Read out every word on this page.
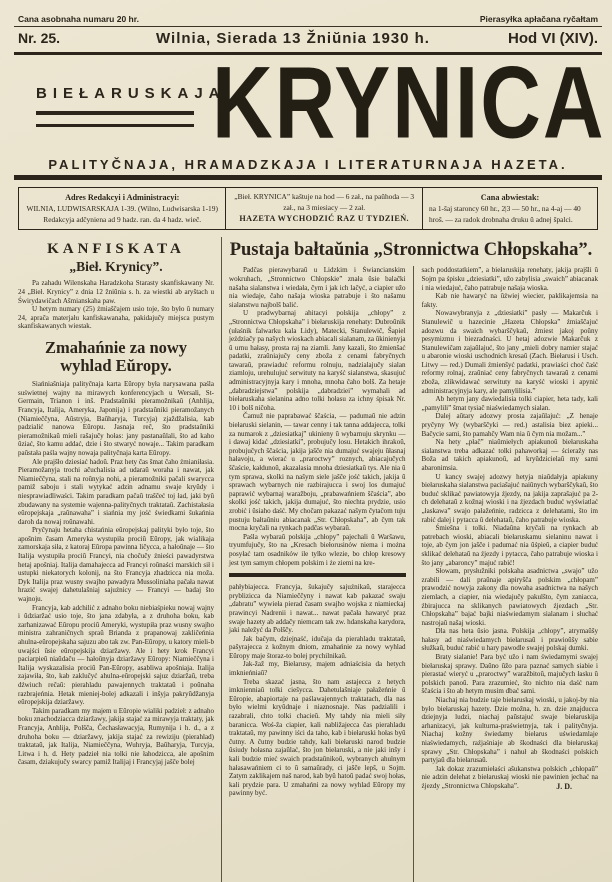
Cana asobnaha numaru 20 hr.	Pierasyłka apłačana ryčałtam
Nr. 25.	Wilnia, Sierada 13 Žniŭnia 1930 h.	Hod VI (XIV).
BIEŁARUSKAJA
KRYNICA
PALITYČNAJA, HRAMADZKAJA I LITERATURNAJA HAZETA.
Adres Redakcyi i Administracyi:
WILNIA, LUDWISARSKAJA 1-39. (Wilno, Ludwisarska 1-19)
Redakcyja adčyniena ad 9 hadz. ran. da 4 hadz. wieč.
„Bieł. KRYNICA” kaštuje na hod — 6 zał., na paŭhoda — 3 zał., na 3 miesiacy — 2 zał.
HAZETA WYCHODZIĆ RAZ U TYDZIEŃ.
Cana abwiestak:
na 1-šaj staroncy 60 hr., 2|3 — 50 hr., na 4-aj — 40 hroš. — za radok drobnaha druku ŭ adnej špalci.
KANFISKATA
„Bieł. Krynicy”.

Pa zahadu Wilenskaha Haradzkoha Starasty skanfiskawany Nr. 24 „Bieł. Krynicy” z dnia 12 žniŭnia s. h. za wiestki ab aryštach u Świrydawičach Ašmianskaha paw.

U hetym numary (25) źmiaščajem usio toje, što było ŭ numary 24, aprača materjału kanfiskawanaha, pakidajučy miejsca pustym skanfiskawanych wiestak.

Zmahańnie za nowy wyhlad Eŭropy.

Siańniašniaja palityčnaja karta Eŭropy była narysawana paśla suświetnej wajny na mirawych konferencyjach u Wersali, St-Germain, Trianon i inš. Pradstaŭniki pieramožnikaŭ (Anhlija, Francyja, Italija, Ameryka, Japonija) i pradstaŭniki pieramožanych (Niamieččyna, Aŭstryja, Baŭharyja, Turcyja) zjaždžalisia, kab padzialić nanowa Eŭropu. Jasnaja reč, što pradstaŭniki pieramožnikaŭ mieli rašajučy hołas: jany pastanaŭlali, što ad kaho ŭziać, što kamu addać, dzie i što stwaryć nowaje... Takim paradkam paŭstała paśla wajny nowaja palityčnaja karta Eŭropy.

Ale prajšło dziesiać hadoŭ. Praz hety čas šmat čaho źmianiłasia. Pieramožanyja trochi ačuchalisia ad udaraŭ woraha i nawat, jak Niamieččyna, stali na roŭnyja nohi, a pieramožniki pačali swarycca pamiž saboju i stali wytykać adzin adnamu swaje kryŭdy i niesprawiadliwaści. Takim paradkam pačaŭ traščeć toj ład, jaki byŭ zbudawany na systemie wajenna-palityčnych traktataŭ. Zachistałasia eŭropejskaja „raŭnawaha” i siańnia my jość świedkami šukańnia daroh da nowaj roŭnawahi.

Pryčynaju hetaha chistańnia eŭropejskaj palityki było toje, što apošnim časam Ameryka wystupiła prociŭ Eŭropy, jak wialikaja zamorskaja siła, z katoraj Eŭropa pawinna ličycca, a hałoŭnaje — što Italija wystupiła prociŭ Francyi, nia chočučy źnieści pawadyrstwa hetaj apošniaj. Italija damahajecca ad Francyi roŭnaści marskich sił i ustupki niekatorych kolonij, na što Francyja zhadzicca nia moža. Dyk Italija praz wusny swajho pawadyra Mussoliniaha pačała nawat hrazić swajej dahetulašniaj sajuźnicy — Francyi — badaj što wajnoju.

Francyja, kab adchilić z adnaho boku niebiaśpieku nowaj wajny i ŭdziaržać usio toje, što jana zdabyła, a z druhoha boku, kab zarhanizawać Eŭropu prociŭ Ameryki, wystupiła praz wusny swajho ministra zahraničnych spraŭ Brianda z prapanowaj zakličeńnia ahulna-eŭropejskaha sajuzu abo tak zw. Pan-Eŭropy, u katory mieli-b uwajści ŭsie eŭropejskija dziaržawy. Ale i hety krok Francyi paciarpieŭ niaŭdaču — hałoŭnyja dziaržawy Eŭropy: Niamieččyna i Italija wyskazalisia prociŭ Pan-Eŭropy, asabliwa apošniaja. Italija zajawiła, što, kab zaklučyć ahulna-eŭropejski sajuz dziaržaŭ, treba dźwiuch rečaŭ: pierahladu pawajennych traktataŭ i poŭnaha razbrajeńnia. Hetak mieniej-bolej adkazali i inšyja pakryŭdžanyja eŭropejskija dziaržawy.

Takim paradkam my majem u Eŭropie wialiki padzieł: z adnaho boku znachodziacca dziaržawy, jakija stajać za mirawyja traktaty, jak Francyja, Anhlija, Polšča, Čechasławacyja, Rumynija i h. d., a z druhoha boku — dziaržawy, jakija stajać za rewiziju (pierahlad) traktataŭ, jak Italija, Niamieččyna, Wuhryja, Baŭharyja, Turcyja, Litwa i h. d. Hety padzieł nia tolki nie łahodzicca, ale apošnim časam, dziakujučy swarcy pamiž Italijaj i Francyjaj jašče bolej

Pustaja bałtaŭnia „Stronnictwa Chłopskaha”.

Padčas pierawybaraŭ u Lidzkim i Świancianskim wokruhach, „Stronnictwo Chłopskie” znała ŭsie balački našaha sialanstwa i wiedała, čym i jak ich lačyć, a ciapier užo nia wiedaje, čaho našaja wioska patrabuje i što našamu sialanstwu najbolš balić.

U pradwybarnaj ahitacyi polskija „chłopy” z „Stronnictwa Chłopskaha” i biełaruskija renehaty: Dubroŭnik (ułaśnik falwarku kala Lidy), Matecki, Stanulewič, Šapiel jeździačy pa našych wioskach abiacali sialanam, za ŭkinienyja ŭ urnu hałasy, prosta raj na ziamli. Jany kazali, što źmienšać padatki, zraŭniajučy ceny zboža z cenami fabryčnych tawaraŭ, prawiaduć reformu rolnuju, nadzialajučy sialan ziamloju, urehulujuć serwituty na karyść sialanstwa, skasujuć administracyjnyja kary i mnoha, mnoha čaho bolš. Za hetaje „dabradziejstwa” polskija „dabradziei” wymahali ad biełaruskaha sielanina adno tolki hołasu za ichny śpisak Nr. 10 i bolš ničoha.

Čamuž nie paprabawać ščaścia, — padumaŭ nie adzin biełaruski sielanin, — tawar cenny i tak tanna addajecca, tolki za numarok z „dziesiatkaj” ukinieny ŭ wybarnuju skrynku — i dawaj kidać „dziesiatki”, probujučy losu. Hetakich ihrakoŭ, probujučych ščaścia, jakija jašče nia dumajuć swajeju ŭłasnaj hałavoju, a wierać u „praroctwy” roznych, abiacajučych ščaście, kałdunoŭ, akazałasia mnoha dziesiatkaŭ tys. Ale nia ŭ tym sprawa, skolki na našym siele jašče jość takich, jakija ŭ sprawach wybarnych nie razbirajucca i swoj los dumajuć paprawić wybarnaj waražboju, „prabawańniem ščaścia”, abo skolki jość takich, jakija dumajuć, što niechta prydzie, usio zrobić i ŭsiaho daść. My chočam pakazać našym čytačom tuju pustuju bałtaŭniu abiacanak „Str. Chłopskaha”, ab čym tak mocna kryčali na rynkach padčas wybaraŭ.

Paśla wybaraŭ polskija „chłopy” pajechali ŭ Waršawu, tryumfujučy, što na „Kresach biełorusinów niema i można posyłać tam osadników ile tylko wlezie, bo chłop kresowy jest tym samym chłopem polskim i że ziemi na kre-

pahłybiajecca. Francyja, šukajučy sajuźnikaŭ, starajecca pryblizicca da Niamieččyny i nawat kab pakazać swaju „dabratu” wywieła pierad časam swajho wojska z niamieckaj prawincyi Nadrenii i nawat... nawat pačała hawaryć praz swaje hazety ab addačy niemcam tak zw. hdanskaha karydora, jaki naležyć da Polščy.

Jak bačym, dziejnaść, idučaja da pierahladu traktataŭ, pašyrajecca z kožnym dniom, zmahańnie za nowy wyhlad Eŭropy maje štoraz-to bolej prychilnikaŭ.

Jak-žaž my, Biełarusy, majem adniaścisia da hetych imknieńniaŭ?

Treba skazać jasna, što nam astajecca z hetych imknienniaŭ tolki ciešycca. Dahetulašniaje pałažeńnie ŭ Eŭropie, abapiortaje na paślawajennych traktatach, dla nas było wielmi kryŭdnaje i niaznosnaje. Nas padzialili i razabrali, chto tolki chacieŭ. My tahdy nia mieli siły baranicca. Woś-ža ciapier, kali nabližajecca čas pierahladu traktataŭ, my pawinny iści da taho, kab i biełaruski hołas byŭ čutny. A čutny budzie tahdy, kali biełaruski narod budzie ŭsiudy hołasna zajaŭlać, što jon biełaruski, a nie jaki inšy i kali budzie mieć swaich pradstaŭnikoŭ, wybranych ahulnym hałasawańniem ci to ŭ samaŭrady, ci jašče lepš, u Sojm. Zatym zaklikajem naš narod, kab byŭ hatoŭ padać swoj hołas, kali prydzie para. U zmahańni za nowy wyhlad Eŭropy my pawinny być.

sach poddostatkiem”, a biełaruskija renehaty, jakija prajšli ŭ Sojm pa śpisku „dziesiatki”, užo zabylisia „swaich” abiacanak i nia wiedajuć, čaho patrabuje našaja wioska.

Kab nie hawaryć na ŭźwiej wiecier, paklikajemsia na fakty.

Nowawybranyja z „dziesiatki” pasły — Makarčuk i Stanulewič u hazecinie „Hazeta Chłopska” źmiaščajuć adozwu da swaich wybarščykaŭ, źmiest jakoj poŭny pesymizmu i biezradnaści. U hetaj adozwie Makarčuk z Stanulewičam zajaŭlajuć, što jany „mieli dobry namier stajać u abaronie wioski uschodnich kresaŭ (Zach. Biełarusi i Usch. Litwy — red.) Dumali źmienšyć padatki, prawiaści choć čaść reformy rolnaj, zraŭniać ceny fabryčnych tawaraŭ z cenami zboža, zlikwidawać serwituty na karyść wioski i apynić administracyjnyja kary, ale pamylilisia.”

Ab hetym jany dawiedalisia tolki ciapier, heta tady, kali „pamylili” šmat tysiač niaświedamych sialan.

Dalej aŭtary adozwy prosta zajaŭlajuć: „Z henaje pryčyny Wy (wybarščyki — red.) astalisia biez apieki... Bačycie sami, što pamahčy Wam nia ŭ čym nia možam...”

Na hety „płač” niaŭmiełych apiakunoŭ biełaruskaha sialanstwa treba adkazać tolki pahaworkaj — ścieražy nas Boža ad takich apiakunoŭ, ad kryŭdzicielaŭ my sami abaronimsia.

U kancy swajej adozwy hetyja niaŭdałyja apiakuny biełaruskaha sialanstwa paciašajuć naiŭnych wybarščykaŭ, što buduć sklikać pawiatowyja źjezdy, na jakija zaprašajuć pa 2-ch delehataŭ z kožnaj wioski i na źjezdach buduć wyświatlać „łaskawa” swajo pałažeńnie, radzicca z delehatami, što im rabić dalej i pytacca ŭ delehataŭ, čaho patrabuje wioska.

Śmiešna i tolki. Niadaŭna kryčali na rynkach ab patrebach wioski, abiacali biełaruskamu sielaninu nawat i toje, ab čym jon jašče i padumać nia ŭśpieŭ, a ciapier buduć sklikać delehataŭ na źjezdy i pytacca, čaho patrabuje wioska i što jany „abaroncy” majuć rabić!

Słowam, prysłužniki polskaha asadnictwa „swajo” užo zrabili — dali praŭnaje apiryšča polskim „chłopam” prawodzić nowyja zakony dla nowaha asadnictwa na našych ziemlach, a ciapier, nia wiedajučy pakulšto, čym zaniacca, źbirajucca na sklikanych pawiatowych źjezdach „Str. Chłopskaha” bajać bajki niaświedamym sialanam i słuchać nastrojaŭ našaj wioski.

Dla nas heta ŭsio jasna. Polskija „chłopy”, atrymaŭšy hałasy ad niaświedamych biełarusaŭ i prawioŭšy sabie słužkaŭ, buduć rabić u hary pawodle swajej polskaj dumki.

Braty sialanie! Para być užo i nam świedamymi swajej biełaruskaj sprawy. Daŭno ŭžo para paznać samych siabie i pierastać wieryć u „praroctwy” waražbitoŭ, majučych łasku ŭ polskich panoŭ. Para zrazumieć, što nichto nia daść nam ščaścia i što ab hetym musim dbać sami.

Niachaj nia budzie taje biełaruskaj wioski, u jakoj-by nia było biełaruskaj hazety. Dzie možna, h. zn. dzie znajducca dziejnyja ludzi, niachaj paŭstajuć swaje biełaruskija arhanizacyi, jak kulturna-praświetnyja, tak i palityčnyja. Niachaj kožny świedamy biełarus uświedamlaje niaświedamych, raźjaśniaje ab škodnaści dla biełaruskaj sprawy „Str. Chłopskaha” i nahuł ab škodnaści polskich partyjaŭ dla biełarusaŭ.

Jak dokaz zrazumiełaści ašukanstwa polskich „chłopaŭ” nie adzin delehat z biełaruskaj wioski nie pawinien jechać na źjezdy „Stronnictwa Chłopskaha”.	J. D.
